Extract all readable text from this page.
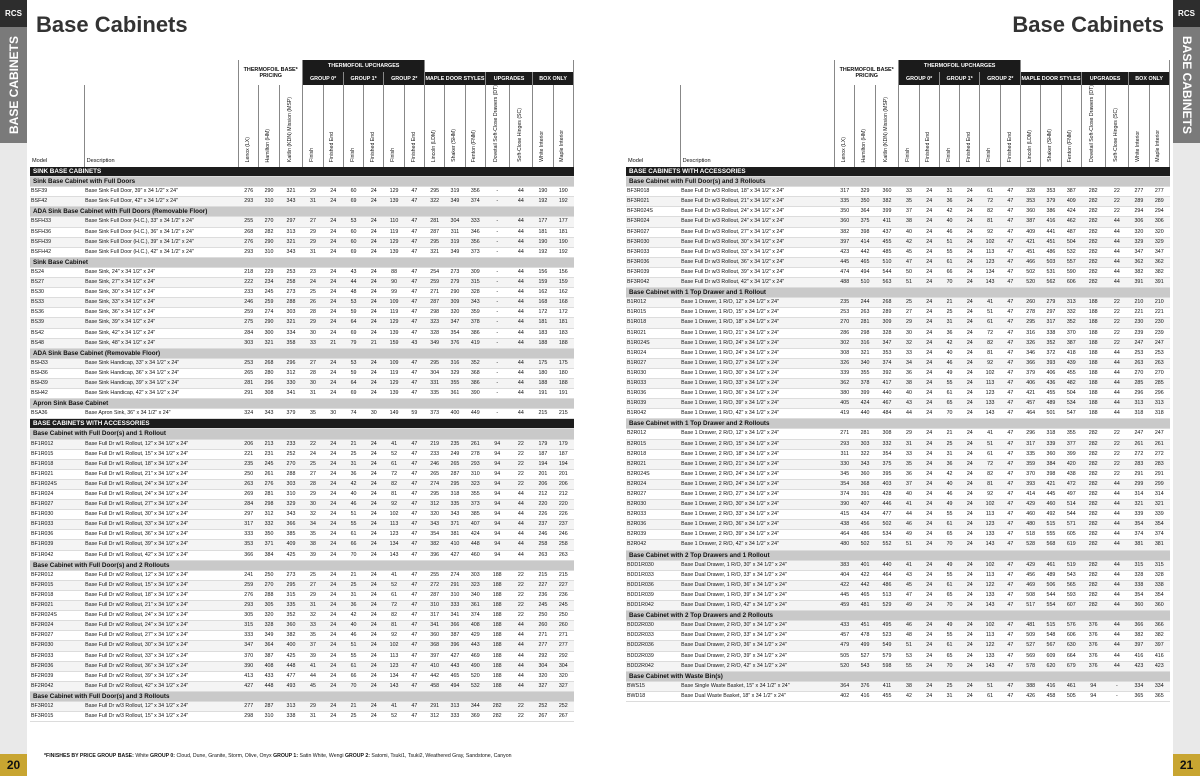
RCS
BASE CABINETS
20
RCS
BASE CABINETS
21
Base Cabinets	Base Cabinets
		THERMOFOIL BASE* PRICING			THERMOFOIL UPCHARGES												
					GROUP 0*		GROUP 1*		GROUP 2*		MAPLE DOOR STYLES			UPGRADES		BOX ONLY	
Model	Description	Lenox (LX)	Hamilton (HM)	Kaitlin (KDN) Mission (MSP)	Finish	Finished End	Finish	Finished End	Finish	Finished End	Lincoln (LDM)	Shaker (SHM)	Fenton (FNM)	Dovetail Soft-Close Drawers (DT)	Soft-Close Hinges (SC)	White Interior	Maple Interior
SINK BASE CABINETS																	
Sink Base Cabinet with Full Doors																	
BSF39	Base Sink Full Door, 39" x 34 1/2" x 24"	276	290	321	29	24	60	24	129	47	295	319	356	-	44	190	190
BSF42	Base Sink Full Door, 42" x 34 1/2" x 24"	293	310	343	31	24	69	24	139	47	322	349	374	-	44	192	192
ADA Sink Base Cabinet with Full Doors (Removable Floor)																	
BSFH33	Base Sink Full Door (H.C.), 33" x 34 1/2" x 24"	255	270	297	27	24	53	24	110	47	281	304	333	-	44	177	177
BSFH36	Base Sink Full Door (H.C.), 36" x 34 1/2" x 24"	268	282	313	29	24	60	24	119	47	287	311	346	-	44	181	181
BSFH39	Base Sink Full Door (H.C.), 39" x 34 1/2" x 24"	276	290	321	29	24	60	24	129	47	295	319	356	-	44	190	190
BSFH42	Base Sink Full Door (H.C.), 42" x 34 1/2" x 24"	293	310	343	31	24	69	24	139	47	321	349	373	-	44	192	192
Sink Base Cabinet																	
BS24	Base Sink, 24" x 34 1/2" x 24"	218	229	253	23	24	43	24	88	47	254	273	309	-	44	156	156
BS27	Base Sink, 27" x 34 1/2" x 24"	222	234	258	24	24	44	24	90	47	259	279	315	-	44	159	159
BS30	Base Sink, 30" x 34 1/2" x 24"	233	245	273	25	24	48	24	99	47	271	290	328	-	44	162	162
BS33	Base Sink, 33" x 34 1/2" x 24"	246	259	288	26	24	53	24	109	47	287	309	343	-	44	168	168
BS36	Base Sink, 36" x 34 1/2" x 24"	259	274	303	28	24	59	24	119	47	298	320	359	-	44	172	172
BS39	Base Sink, 39" x 34 1/2" x 24"	275	290	321	29	24	64	24	129	47	323	347	378	-	44	181	181
BS42	Base Sink, 42" x 34 1/2" x 24"	284	300	334	30	24	69	24	139	47	328	354	386	-	44	183	183
BS48	Base Sink, 48" x 34 1/2" x 24"	303	321	358	33	21	79	21	159	43	349	376	419	-	44	188	188
ADA Sink Base Cabinet (Removable Floor)																	
BSH33	Base Sink Handicap, 33" x 34 1/2" x 24"	253	268	296	27	24	53	24	109	47	295	316	352	-	44	175	175
BSH36	Base Sink Handicap, 36" x 34 1/2" x 24"	265	280	312	28	24	59	24	119	47	304	329	368	-	44	180	180
BSH39	Base Sink Handicap, 39" x 34 1/2" x 24"	281	296	330	30	24	64	24	129	47	331	355	386	-	44	188	188
BSH42	Base Sink Handicap, 42" x 34 1/2" x 24"	291	308	341	31	24	69	24	139	47	335	361	390	-	44	191	191
Apron Sink Base Cabinet																	
BSA36	Base Apron Sink, 36" x 34 1/2" x 24"	324	343	379	35	30	74	30	149	59	373	400	449	-	44	215	215
BASE CABINETS WITH ACCESSORIES																	
Base Cabinet with Full Door(s) and 1 Rollout																	
BF1R012	Base Full Dr w/1 Rollout, 12" x 34 1/2" x 24"	206	213	233	22	24	21	24	41	47	219	235	261	94	22	179	179
BF1R015	Base Full Dr w/1 Rollout, 15" x 34 1/2" x 24"	221	231	252	24	24	25	24	52	47	233	249	278	94	22	187	187
BF1R018	Base Full Dr w/1 Rollout, 18" x 34 1/2" x 24"	235	245	270	25	24	31	24	61	47	246	265	293	94	22	194	194
BF1R021	Base Full Dr w/1 Rollout, 21" x 34 1/2" x 24"	250	261	288	27	24	36	24	72	47	265	287	310	94	22	201	201
BF1R024S	Base Full Dr w/1 Rollout, 24" x 34 1/2" x 24"	263	276	303	28	24	42	24	82	47	274	295	323	94	22	206	206
BF1R024	Base Full Dr w/1 Rollout, 24" x 34 1/2" x 24"	269	281	310	29	24	40	24	81	47	295	318	355	94	44	212	212
BF1R027	Base Full Dr w/1 Rollout, 27" x 34 1/2" x 24"	284	298	329	30	24	46	24	92	47	312	335	373	94	44	220	220
BF1R030	Base Full Dr w/1 Rollout, 30" x 34 1/2" x 24"	297	312	343	32	24	51	24	102	47	320	343	385	94	44	226	226
BF1R033	Base Full Dr w/1 Rollout, 33" x 34 1/2" x 24"	317	332	366	34	24	55	24	113	47	343	371	407	94	44	237	237
BF1R036	Base Full Dr w/1 Rollout, 36" x 34 1/2" x 24"	333	350	385	35	24	61	24	123	47	354	381	424	94	44	246	246
BF1R039	Base Full Dr w/1 Rollout, 39" x 34 1/2" x 24"	353	371	409	38	24	66	24	134	47	382	410	448	94	44	258	258
BF1R042	Base Full Dr w/1 Rollout, 42" x 34 1/2" x 24"	366	384	425	39	24	70	24	143	47	396	427	460	94	44	263	263
Base Cabinet with Full Door(s) and 2 Rollouts																	
BF2R012	Base Full Dr w/2 Rollout, 12" x 34 1/2" x 24"	241	250	273	25	24	21	24	41	47	255	274	303	188	22	215	215
BF2R015	Base Full Dr w/2 Rollout, 15" x 34 1/2" x 24"	259	270	295	27	24	25	24	52	47	272	291	323	188	22	227	227
BF2R018	Base Full Dr w/2 Rollout, 18" x 34 1/2" x 24"	276	288	315	29	24	31	24	61	47	287	310	340	188	22	236	236
BF2R021	Base Full Dr w/2 Rollout, 21" x 34 1/2" x 24"	293	305	335	31	24	36	24	72	47	310	333	361	188	22	245	245
BF2R024S	Base Full Dr w/2 Rollout, 24" x 34 1/2" x 24"	305	320	352	32	24	42	24	82	47	317	341	374	188	22	250	250
BF2R024	Base Full Dr w/2 Rollout, 24" x 34 1/2" x 24"	315	328	360	33	24	40	24	81	47	341	366	408	188	44	260	260
BF2R027	Base Full Dr w/2 Rollout, 27" x 34 1/2" x 24"	333	349	382	35	24	46	24	92	47	360	387	429	188	44	271	271
BF2R030	Base Full Dr w/2 Rollout, 30" x 34 1/2" x 24"	347	364	400	37	24	51	24	102	47	368	396	443	188	44	277	277
BF2R033	Base Full Dr w/2 Rollout, 33" x 34 1/2" x 24"	370	387	425	39	24	55	24	113	47	397	427	469	188	44	292	292
BF2R036	Base Full Dr w/2 Rollout, 36" x 34 1/2" x 24"	390	408	448	41	24	61	24	123	47	410	443	490	188	44	304	304
BF2R039	Base Full Dr w/2 Rollout, 39" x 34 1/2" x 24"	413	433	477	44	24	66	24	134	47	442	465	520	188	44	320	320
BF2R042	Base Full Dr w/2 Rollout, 42" x 34 1/2" x 24"	427	448	493	45	24	70	24	143	47	458	494	532	188	44	327	327
Base Cabinet with Full Door(s) and 3 Rollouts																	
BF3R012	Base Full Dr w/3 Rollout, 12" x 34 1/2" x 24"	277	287	313	29	24	21	24	41	47	291	313	344	282	22	252	252
BF3R015	Base Full Dr w/3 Rollout, 15" x 34 1/2" x 24"	298	310	338	31	24	25	24	52	47	312	333	369	282	22	267	267
		THERMOFOIL BASE* PRICING			THERMOFOIL UPCHARGES												
					GROUP 0*		GROUP 1*		GROUP 2*		MAPLE DOOR STYLES			UPGRADES		BOX ONLY	
Model	Description	Lenox (LX)	Hamilton (HM)	Kaitlin (KDN) Mission (MSP)	Finish	Finished End	Finish	Finished End	Finish	Finished End	Lincoln (LDM)	Shaker (SHM)	Fenton (FNM)	Dovetail Soft-Close Drawers (DT)	Soft-Close Hinges (SC)	White Interior	Maple Interior
BASE CABINETS WITH ACCESSORIES																	
Base Cabinet with Full Door(s) and 3 Rollouts																	
BF3R018	Base Full Dr w/3 Rollout, 18" x 34 1/2" x 24"	317	329	360	33	24	31	24	61	47	328	353	387	282	22	277	277
BF3R021	Base Full Dr w/3 Rollout, 21" x 34 1/2" x 24"	335	350	382	35	24	36	24	72	47	353	379	409	282	22	289	289
BF3R024S	Base Full Dr w/3 Rollout, 24" x 34 1/2" x 24"	350	364	399	37	24	42	24	82	47	360	386	424	282	22	294	294
BF3R024	Base Full Dr w/3 Rollout, 24" x 34 1/2" x 24"	360	375	411	38	24	40	24	81	47	387	416	462	282	44	306	306
BF3R027	Base Full Dr w/3 Rollout, 27" x 34 1/2" x 24"	382	398	437	40	24	46	24	92	47	409	441	487	282	44	320	320
BF3R030	Base Full Dr w/3 Rollout, 30" x 34 1/2" x 24"	397	414	455	42	24	51	24	102	47	421	451	504	282	44	329	329
BF3R033	Base Full Dr w/3 Rollout, 33" x 34 1/2" x 24"	423	442	485	45	24	55	24	113	47	451	486	532	282	44	347	347
BF3R036	Base Full Dr w/3 Rollout, 36" x 34 1/2" x 24"	445	465	510	47	24	61	24	123	47	466	503	557	282	44	362	362
BF3R039	Base Full Dr w/3 Rollout, 39" x 34 1/2" x 24"	474	494	544	50	24	66	24	134	47	502	531	590	282	44	382	382
BF3R042	Base Full Dr w/3 Rollout, 42" x 34 1/2" x 24"	488	510	563	51	24	70	24	143	47	520	562	606	282	44	391	391
Base Cabinet with 1 Top Drawer and 1 Rollout																	
B1R012	Base 1 Drawer, 1 R/O, 12" x 34 1/2" x 24"	235	244	268	25	24	21	24	41	47	260	279	313	188	22	210	210
B1R015	Base 1 Drawer, 1 R/O, 15" x 34 1/2" x 24"	253	263	289	27	24	25	24	51	47	278	297	332	188	22	221	221
B1R018	Base 1 Drawer, 1 R/O, 18" x 34 1/2" x 24"	270	281	309	29	24	31	24	61	47	295	317	352	188	22	230	230
B1R021	Base 1 Drawer, 1 R/O, 21" x 34 1/2" x 24"	286	298	328	30	24	36	24	72	47	316	338	370	188	22	239	239
B1R024S	Base 1 Drawer, 1 R/O, 24" x 34 1/2" x 24"	302	316	347	32	24	42	24	82	47	326	352	387	188	22	247	247
B1R024	Base 1 Drawer, 1 R/O, 24" x 34 1/2" x 24"	308	321	353	33	24	40	24	81	47	346	372	418	188	44	253	253
B1R027	Base 1 Drawer, 1 R/O, 27" x 34 1/2" x 24"	326	340	374	34	24	46	24	92	47	366	393	439	188	44	263	263
B1R030	Base 1 Drawer, 1 R/O, 30" x 34 1/2" x 24"	339	355	392	36	24	49	24	102	47	379	406	455	188	44	270	270
B1R033	Base 1 Drawer, 1 R/O, 33" x 34 1/2" x 24"	362	378	417	38	24	55	24	113	47	406	436	482	188	44	285	285
B1R036	Base 1 Drawer, 1 R/O, 36" x 34 1/2" x 24"	380	399	440	40	24	61	24	123	47	421	455	504	188	44	296	296
B1R039	Base 1 Drawer, 1 R/O, 39" x 34 1/2" x 24"	405	424	467	43	24	65	24	133	47	457	489	534	188	44	313	313
B1R042	Base 1 Drawer, 1 R/O, 42" x 34 1/2" x 24"	419	440	484	44	24	70	24	143	47	464	501	547	188	44	318	318
Base Cabinet with 1 Top Drawer and 2 Rollouts																	
B2R012	Base 1 Drawer, 2 R/O, 12" x 34 1/2" x 24"	271	281	308	29	24	21	24	41	47	296	318	355	282	22	247	247
B2R015	Base 1 Drawer, 2 R/O, 15" x 34 1/2" x 24"	293	303	332	31	24	25	24	51	47	317	339	377	282	22	261	261
B2R018	Base 1 Drawer, 2 R/O, 18" x 34 1/2" x 24"	311	322	354	33	24	31	24	61	47	335	360	399	282	22	272	272
B2R021	Base 1 Drawer, 2 R/O, 21" x 34 1/2" x 24"	330	343	375	35	24	36	24	72	47	359	384	420	282	22	283	283
B2R024S	Base 1 Drawer, 2 R/O, 24" x 34 1/2" x 24"	345	360	395	36	24	42	24	82	47	370	398	438	282	22	291	291
B2R024	Base 1 Drawer, 2 R/O, 24" x 34 1/2" x 24"	354	368	403	37	24	40	24	81	47	393	421	472	282	44	299	299
B2R027	Base 1 Drawer, 2 R/O, 27" x 34 1/2" x 24"	374	391	428	40	24	46	24	92	47	414	445	497	282	44	314	314
B2R030	Base 1 Drawer, 2 R/O, 30" x 34 1/2" x 24"	390	407	446	41	24	49	24	102	47	429	460	514	282	44	321	321
B2R033	Base 1 Drawer, 2 R/O, 33" x 34 1/2" x 24"	415	434	477	44	24	55	24	113	47	460	492	544	282	44	339	339
B2R036	Base 1 Drawer, 2 R/O, 36" x 34 1/2" x 24"	438	456	502	46	24	61	24	123	47	480	515	571	282	44	354	354
B2R039	Base 1 Drawer, 2 R/O, 39" x 34 1/2" x 24"	464	486	534	49	24	65	24	133	47	518	555	605	282	44	374	374
B2R042	Base 1 Drawer, 2 R/O, 42" x 34 1/2" x 24"	480	502	552	51	24	70	24	143	47	528	568	619	282	44	381	381
Base Cabinet with 2 Top Drawers and 1 Rollout																	
BDD1R030	Base Dual Drawer, 1 R/O, 30" x 34 1/2" x 24"	383	401	440	41	24	49	24	102	47	429	461	519	282	44	315	315
BDD1R033	Base Dual Drawer, 1 R/O, 33" x 34 1/2" x 24"	404	422	464	43	24	55	24	113	47	456	489	543	282	44	328	328
BDD1R036	Base Dual Drawer, 1 R/O, 36" x 34 1/2" x 24"	422	442	486	45	24	61	24	122	47	469	506	565	282	44	338	338
BDD1R039	Base Dual Drawer, 1 R/O, 39" x 34 1/2" x 24"	445	465	513	47	24	65	24	133	47	508	544	593	282	44	354	354
BDD1R042	Base Dual Drawer, 1 R/O, 42" x 34 1/2" x 24"	459	481	529	49	24	70	24	143	47	517	554	607	282	44	360	360
Base Cabinet with 2 Top Drawers and 2 Rollouts																	
BDD2R030	Base Dual Drawer, 2 R/O, 30" x 34 1/2" x 24"	433	451	495	46	24	49	24	102	47	481	515	576	376	44	366	366
BDD2R033	Base Dual Drawer, 2 R/O, 33" x 34 1/2" x 24"	457	478	523	48	24	55	24	113	47	509	548	606	376	44	382	382
BDD2R036	Base Dual Drawer, 2 R/O, 36" x 34 1/2" x 24"	479	499	549	51	24	61	24	122	47	527	567	630	376	44	397	397
BDD2R039	Base Dual Drawer, 2 R/O, 39" x 34 1/2" x 24"	505	527	579	53	24	65	24	133	47	569	609	664	376	44	416	416
BDD2R042	Base Dual Drawer, 2 R/O, 42" x 34 1/2" x 24"	520	543	598	55	24	70	24	143	47	578	620	679	376	44	423	423
Base Cabinet with Waste Bin(s)																	
BWS15	Base Single Waste Basket, 15" x 34 1/2" x 24"	364	376	411	38	24	25	24	51	47	388	416	461	94	-	334	334
BWD18	Base Dual Waste Basket, 18" x 34 1/2" x 24"	402	416	455	42	24	31	24	61	47	426	458	505	94	-	365	365
*FINISHES BY PRICE GROUP BASE: White GROUP 0: Cloud, Dune, Granite, Storm, Olive, Onyx GROUP 1: Satin White, Wengi GROUP 2: Satomi, Tsuki1, Tsuki2, Weathered Gray, Sandstone, Canyon
